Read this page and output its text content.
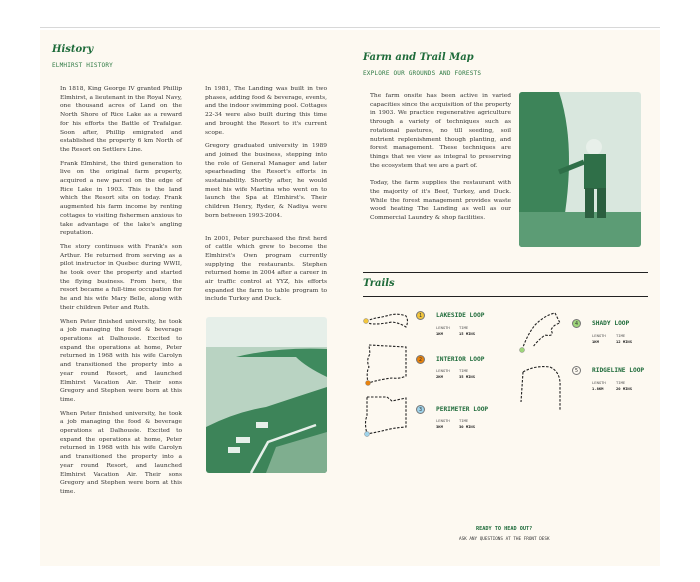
History
ELMHIRST HISTORY

In 1818, King George IV granted Phillip Elmhirst, a lieutenant in the Royal Navy, one thousand acres of Land on the North Shore of Rice Lake as a reward for his efforts the Battle of Trafalgar. Soon after, Phillip emigrated and established the property 6 km North of the Resort on Settlers Line.

Frank Elmhirst, the third generation to live on the original farm property, acquired a new parcel on the edge of Rice Lake in 1903. This is the land which the Resort sits on today. Frank augmented his farm income by renting cottages to visiting fishermen anxious to take advantage of the lake's angling reputation.

The story continues with Frank's son Arthur. He returned from serving as a pilot instructor in Quebec during WWII, he took over the property and started the flying business. From here, the resort became a full-time occupation for he and his wife Mary Belle, along with their children Peter and Ruth.

When Peter finished university, he took a job managing the food & beverage operations at Dalhousie. Excited to expand the operations at home, Peter returned in 1968 with his wife Carolyn and transitioned the property into a year round Resort, and launched Elmhirst Vacation Air. Their sons Gregory and Stephen were born at this time.

When Peter finished university, he took a job managing the food & beverage operations at Dalhousie. Excited to expand the operations at home, Peter returned in 1968 with his wife Carolyn and transitioned the property into a year round Resort, and launched Elmhirst Vacation Air. Their sons Gregory and Stephen were born at this time.

In 1981, The Landing was built in two phases, adding food & beverage, events, and the indoor swimming pool. Cottages 22-34 were also built during this time and brought the Resort to it's current scope.

Gregory graduated university in 1989 and joined the business, stepping into the role of General Manager and later spearheading the Resort's efforts in sustainability. Shortly after, he would meet his wife Martina who went on to launch the Spa at Elmhirst's. Their children Henry, Ryder, & Nadiya were born between 1993-2004.

In 2001, Peter purchased the first herd of cattle which grew to become the Elmhirst's Own program currently supplying the restaurants. Stephen returned home in 2004 after a career in air traffic control at YYZ, his efforts expanded the farm to table program to include Turkey and Duck.

Farm and Trail Map
EXPLORE OUR GROUNDS AND FORESTS

The farm onsite has been active in varied capacities since the acquisition of the property in 1903. We practice regenerative agriculture through a variety of techniques such as rotational pastures, no till seeding, soil nutrient replenishment though planting, and forest management. These techniques are things that we view as integral to preserving the ecosystem that we are a part of.

Today, the farm supplies the restaurant with the majority of it's Beef, Turkey, and Duck. While the forest management provides waste wood heating The Landing as well as our Commercial Laundry & shop facilities.

Trails
1	LAKESIDE LOOP
LENGTH TIME
1KM	15 MINS
2	INTERIOR LOOP
LENGTH TIME
2KM	35 MINS
3	PERIMETER LOOP
LENGTH TIME
3KM	30 MINS
4	SHADY LOOP
LENGTH	TIME
1KM	12 MINS
5	RIDGELINE LOOP
LENGTH	TIME
1.8KM	20 MINS
READY TO HEAD OUT?
ASK ANY QUESTIONS AT THE FRONT DESK
